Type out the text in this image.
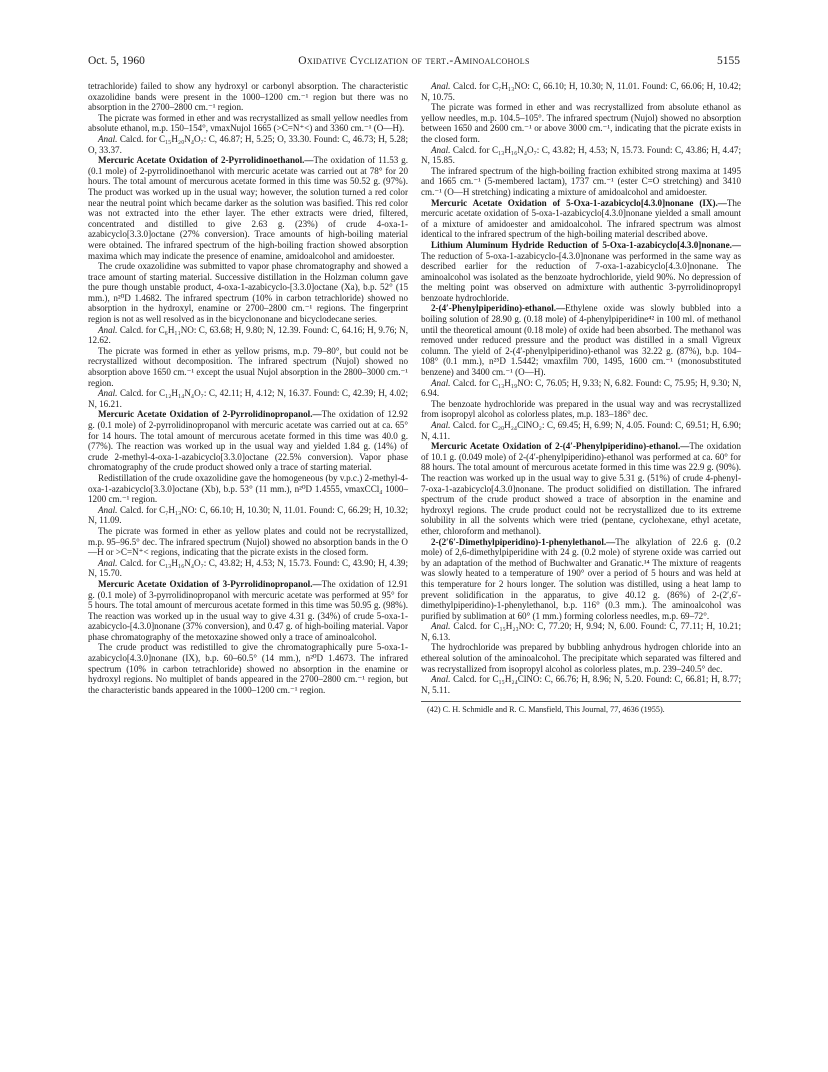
Oct. 5, 1960	Oxidative Cyclization of tert.-Aminoalcohols	5155

tetrachloride) failed to show any hydroxyl or carbonyl absorption. The characteristic oxazolidine bands were present in the 1000–1200 cm.⁻¹ region but there was no absorption in the 2700–2800 cm.⁻¹ region.

The picrate was formed in ether and was recrystallized as small yellow needles from absolute ethanol, m.p. 150–154°, νmaxNujol 1665 (>C=N⁺<) and 3360 cm.⁻¹ (O—H).

Anal. Calcd. for C₁₅H₂₀N₄O₇: C, 46.87; H, 5.25; O, 33.30. Found: C, 46.73; H, 5.28; O, 33.37.

Mercuric Acetate Oxidation of 2-Pyrrolidinoethanol.—The oxidation of 11.53 g. (0.1 mole) of 2-pyrrolidinoethanol with mercuric acetate was carried out at 78° for 20 hours. The total amount of mercurous acetate formed in this time was 50.52 g. (97%). The product was worked up in the usual way; however, the solution turned a red color near the neutral point which became darker as the solution was basified. This red color was not extracted into the ether layer. The ether extracts were dried, filtered, concentrated and distilled to give 2.63 g. (23%) of crude 4-oxa-1-azabicyclo[3.3.0]octane (27% conversion). Trace amounts of high-boiling material were obtained. The infrared spectrum of the high-boiling fraction showed absorption maxima which may indicate the presence of enamine, amidoalcohol and amidoester.

The crude oxazolidine was submitted to vapor phase chromatography and showed a trace amount of starting material. Successive distillation in the Holzman column gave the pure though unstable product, 4-oxa-1-azabicyclo-[3.3.0]octane (Xa), b.p. 52° (15 mm.), n²⁰D 1.4682. The infrared spectrum (10% in carbon tetrachloride) showed no absorption in the hydroxyl, enamine or 2700–2800 cm.⁻¹ regions. The fingerprint region is not as well resolved as in the bicyclononane and bicyclodecane series.

Anal. Calcd. for C₆H₁₁NO: C, 63.68; H, 9.80; N, 12.39. Found: C, 64.16; H, 9.76; N, 12.62.

The picrate was formed in ether as yellow prisms, m.p. 79–80°, but could not be recrystallized without decomposition. The infrared spectrum (Nujol) showed no absorption above 1650 cm.⁻¹ except the usual Nujol absorption in the 2800–3000 cm.⁻¹ region.

Anal. Calcd. for C₁₂H₁₄N₄O₇: C, 42.11; H, 4.12; N, 16.37. Found: C, 42.39; H, 4.02; N, 16.21.

Mercuric Acetate Oxidation of 2-Pyrrolidinopropanol.—The oxidation of 12.92 g. (0.1 mole) of 2-pyrrolidinopropanol with mercuric acetate was carried out at ca. 65° for 14 hours. The total amount of mercurous acetate formed in this time was 40.0 g. (77%). The reaction was worked up in the usual way and yielded 1.84 g. (14%) of crude 2-methyl-4-oxa-1-azabicyclo[3.3.0]octane (22.5% conversion). Vapor phase chromatography of the crude product showed only a trace of starting material.

Redistillation of the crude oxazolidine gave the homogeneous (by v.p.c.) 2-methyl-4-oxa-1-azabicyclo[3.3.0]octane (Xb), b.p. 53° (11 mm.), n²⁰D 1.4555, νmaxCCl₄ 1000–1200 cm.⁻¹ region.

Anal. Calcd. for C₇H₁₃NO: C, 66.10; H, 10.30; N, 11.01. Found: C, 66.29; H, 10.32; N, 11.09.

The picrate was formed in ether as yellow plates and could not be recrystallized, m.p. 95–96.5° dec. The infrared spectrum (Nujol) showed no absorption bands in the O—H or >C=N⁺< regions, indicating that the picrate exists in the closed form.

Anal. Calcd. for C₁₃H₁₆N₄O₇: C, 43.82; H, 4.53; N, 15.73. Found: C, 43.90; H, 4.39; N, 15.70.

Mercuric Acetate Oxidation of 3-Pyrrolidinopropanol.—The oxidation of 12.91 g. (0.1 mole) of 3-pyrrolidinopropanol with mercuric acetate was performed at 95° for 5 hours. The total amount of mercurous acetate formed in this time was 50.95 g. (98%). The reaction was worked up in the usual way to give 4.31 g. (34%) of crude 5-oxa-1-azabicyclo-[4.3.0]nonane (37% conversion), and 0.47 g. of high-boiling material. Vapor phase chromatography of the metoxazine showed only a trace of aminoalcohol.

The crude product was redistilled to give the chromatographically pure 5-oxa-1-azabicyclo[4.3.0]nonane (IX), b.p. 60–60.5° (14 mm.), n²⁰D 1.4673. The infrared spectrum (10% in carbon tetrachloride) showed no absorption in the enamine or hydroxyl regions. No multiplet of bands appeared in the 2700–2800 cm.⁻¹ region, but the characteristic bands appeared in the 1000–1200 cm.⁻¹ region.

Anal. Calcd. for C₇H₁₃NO: C, 66.10; H, 10.30; N, 11.01. Found: C, 66.06; H, 10.42; N, 10.75.

The picrate was formed in ether and was recrystallized from absolute ethanol as yellow needles, m.p. 104.5–105°. The infrared spectrum (Nujol) showed no absorption between 1650 and 2600 cm.⁻¹ or above 3000 cm.⁻¹, indicating that the picrate exists in the closed form.

Anal. Calcd. for C₁₃H₁₆N₄O₇: C, 43.82; H, 4.53; N, 15.73. Found: C, 43.86; H, 4.47; N, 15.85.

The infrared spectrum of the high-boiling fraction exhibited strong maxima at 1495 and 1665 cm.⁻¹ (5-membered lactam), 1737 cm.⁻¹ (ester C=O stretching) and 3410 cm.⁻¹ (O—H stretching) indicating a mixture of amidoalcohol and amidoester.

Mercuric Acetate Oxidation of 5-Oxa-1-azabicyclo[4.3.0]nonane (IX).—The mercuric acetate oxidation of 5-oxa-1-azabicyclo[4.3.0]nonane yielded a small amount of a mixture of amidoester and amidoalcohol. The infrared spectrum was almost identical to the infrared spectrum of the high-boiling material described above.

Lithium Aluminum Hydride Reduction of 5-Oxa-1-azabicyclo[4.3.0]nonane.—The reduction of 5-oxa-1-azabicyclo-[4.3.0]nonane was performed in the same way as described earlier for the reduction of 7-oxa-1-azabicyclo[4.3.0]nonane. The aminoalcohol was isolated as the benzoate hydrochloride, yield 90%. No depression of the melting point was observed on admixture with authentic 3-pyrrolidinopropyl benzoate hydrochloride.

2-(4′-Phenylpiperidino)-ethanol.—Ethylene oxide was slowly bubbled into a boiling solution of 28.90 g. (0.18 mole) of 4-phenylpiperidine⁴² in 100 ml. of methanol until the theoretical amount (0.18 mole) of oxide had been absorbed. The methanol was removed under reduced pressure and the product was distilled in a small Vigreux column. The yield of 2-(4′-phenylpiperidino)-ethanol was 32.22 g. (87%), b.p. 104–108° (0.1 mm.), n²⁵D 1.5442; νmaxfilm 700, 1495, 1600 cm.⁻¹ (monosubstituted benzene) and 3400 cm.⁻¹ (O—H).

Anal. Calcd. for C₁₃H₁₉NO: C, 76.05; H, 9.33; N, 6.82. Found: C, 75.95; H, 9.30; N, 6.94.

The benzoate hydrochloride was prepared in the usual way and was recrystallized from isopropyl alcohol as colorless plates, m.p. 183–186° dec.

Anal. Calcd. for C₂₀H₂₄ClNO₂: C, 69.45; H, 6.99; N, 4.05. Found: C, 69.51; H, 6.90; N, 4.11.

Mercuric Acetate Oxidation of 2-(4′-Phenylpiperidino)-ethanol.—The oxidation of 10.1 g. (0.049 mole) of 2-(4′-phenylpiperidino)-ethanol was performed at ca. 60° for 88 hours. The total amount of mercurous acetate formed in this time was 22.9 g. (90%). The reaction was worked up in the usual way to give 5.31 g. (51%) of crude 4-phenyl-7-oxa-1-azabicyclo[4.3.0]nonane. The product solidified on distillation. The infrared spectrum of the crude product showed a trace of absorption in the enamine and hydroxyl regions. The crude product could not be recrystallized due to its extreme solubility in all the solvents which were tried (pentane, cyclohexane, ethyl acetate, ether, chloroform and methanol).

2-(2′6′-Dimethylpiperidino)-1-phenylethanol.—The alkylation of 22.6 g. (0.2 mole) of 2,6-dimethylpiperidine with 24 g. (0.2 mole) of styrene oxide was carried out by an adaptation of the method of Buchwalter and Granatic.¹⁴ The mixture of reagents was slowly heated to a temperature of 190° over a period of 5 hours and was held at this temperature for 2 hours longer. The solution was distilled, using a heat lamp to prevent solidification in the apparatus, to give 40.12 g. (86%) of 2-(2′,6′-dimethylpiperidino)-1-phenylethanol, b.p. 116° (0.3 mm.). The aminoalcohol was purified by sublimation at 60° (1 mm.) forming colorless needles, m.p. 69–72°.

Anal. Calcd. for C₁₅H₂₃NO: C, 77.20; H, 9.94; N, 6.00. Found: C, 77.11; H, 10.21; N, 6.13.

The hydrochloride was prepared by bubbling anhydrous hydrogen chloride into an ethereal solution of the aminoalcohol. The precipitate which separated was filtered and was recrystallized from isopropyl alcohol as colorless plates, m.p. 239–240.5° dec.

Anal. Calcd. for C₁₅H₂₄ClNO: C, 66.76; H, 8.96; N, 5.20. Found: C, 66.81; H, 8.77; N, 5.11.

(42) C. H. Schmidle and R. C. Mansfield, This Journal, 77, 4636 (1955).
